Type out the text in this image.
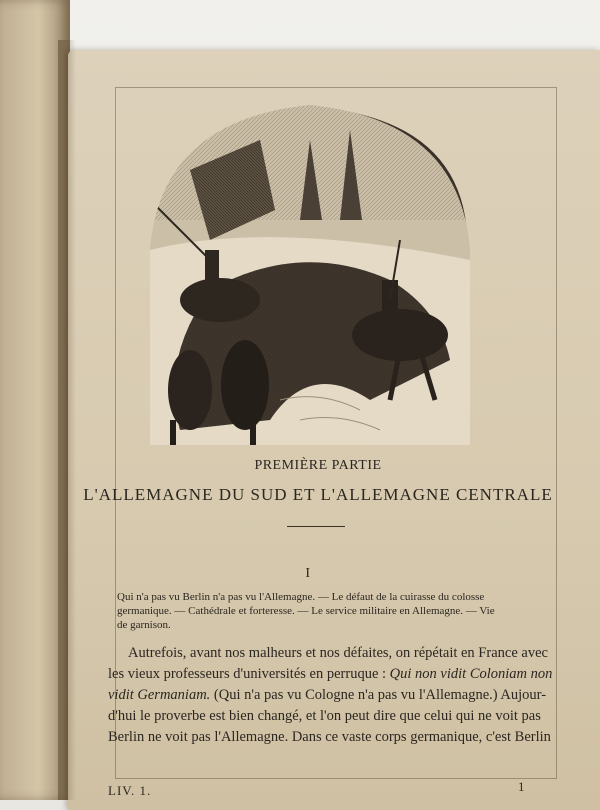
PREMIÈRE PARTIE
L'ALLEMAGNE DU SUD ET L'ALLEMAGNE CENTRALE
I
Qui n'a pas vu Berlin n'a pas vu l'Allemagne. — Le défaut de la cuirasse du colosse
germanique. — Cathédrale et forteresse. — Le service militaire en Allemagne. — Vie
de garnison.
Autrefois, avant nos malheurs et nos défaites, on répétait en France avec
les vieux professeurs d'universités en perruque : Qui non vidit Coloniam non
vidit Germaniam. (Qui n'a pas vu Cologne n'a pas vu l'Allemagne.) Aujour-
d'hui le proverbe est bien changé, et l'on peut dire que celui qui ne voit pas
Berlin ne voit pas l'Allemagne. Dans ce vaste corps germanique, c'est Berlin
LIV. 1.	1
